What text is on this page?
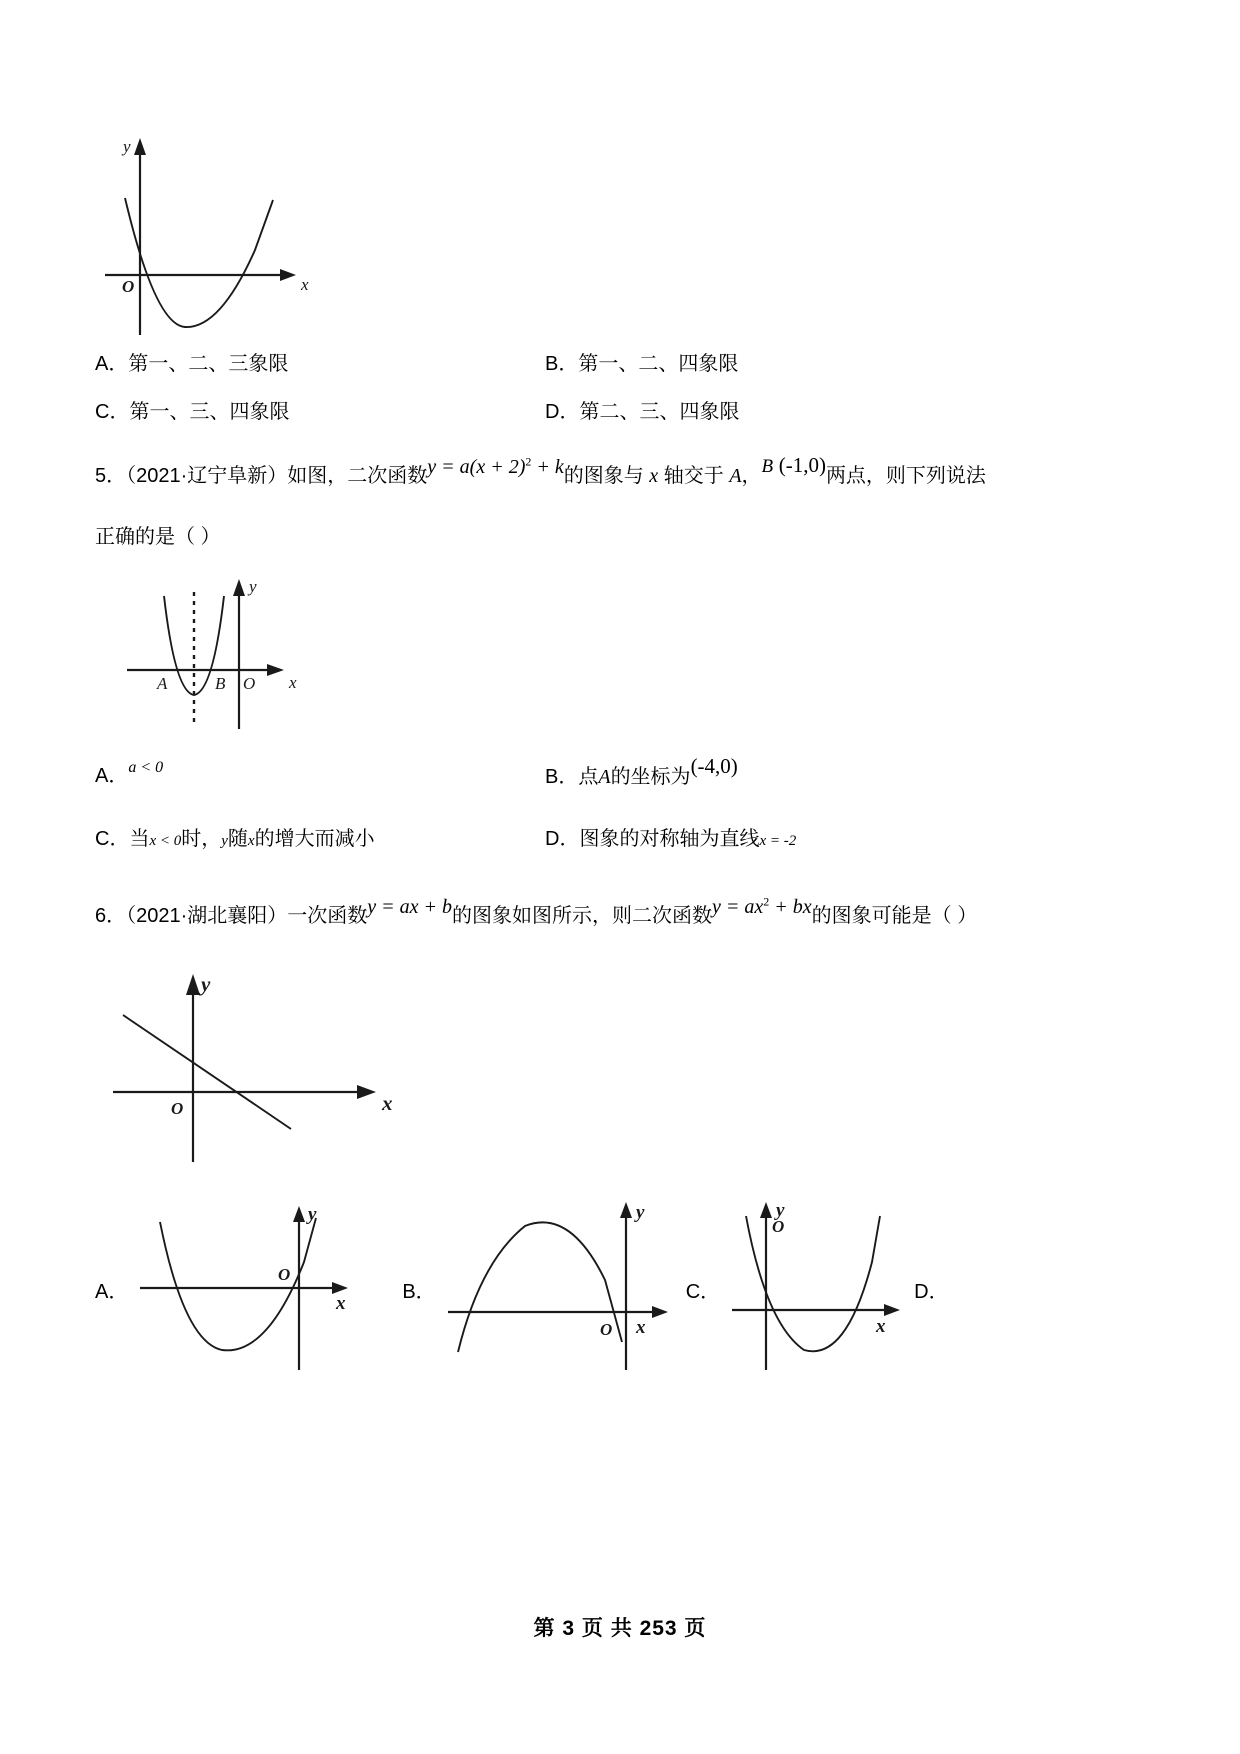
O	x
y
A．第一、二、三象限	B．第一、二、四象限
C．第一、三、四象限	D．第二、三、四象限
5．（2021·辽宁阜新）如图，二次函数$y = a(x + 2)^2 + k$的图象与 x 轴交于 A，B (-1,0)两点，则下列说法
正确的是（ ）
A	B O x
y
A．$^{a < 0}$	B．点A的坐标为(-4,0)
C．当x < 0时，y随x的增大而减小	D．图象的对称轴为直线x = -2
6．（2021·湖北襄阳）一次函数y = ax + b的图象如图所示，则二次函数$y = ax^2$ + bx的图象可能是（ ）
O	x
y
A．
O
x
y
B．
O x
y
C．
O
x
y
D．
第 3 页 共 253 页
